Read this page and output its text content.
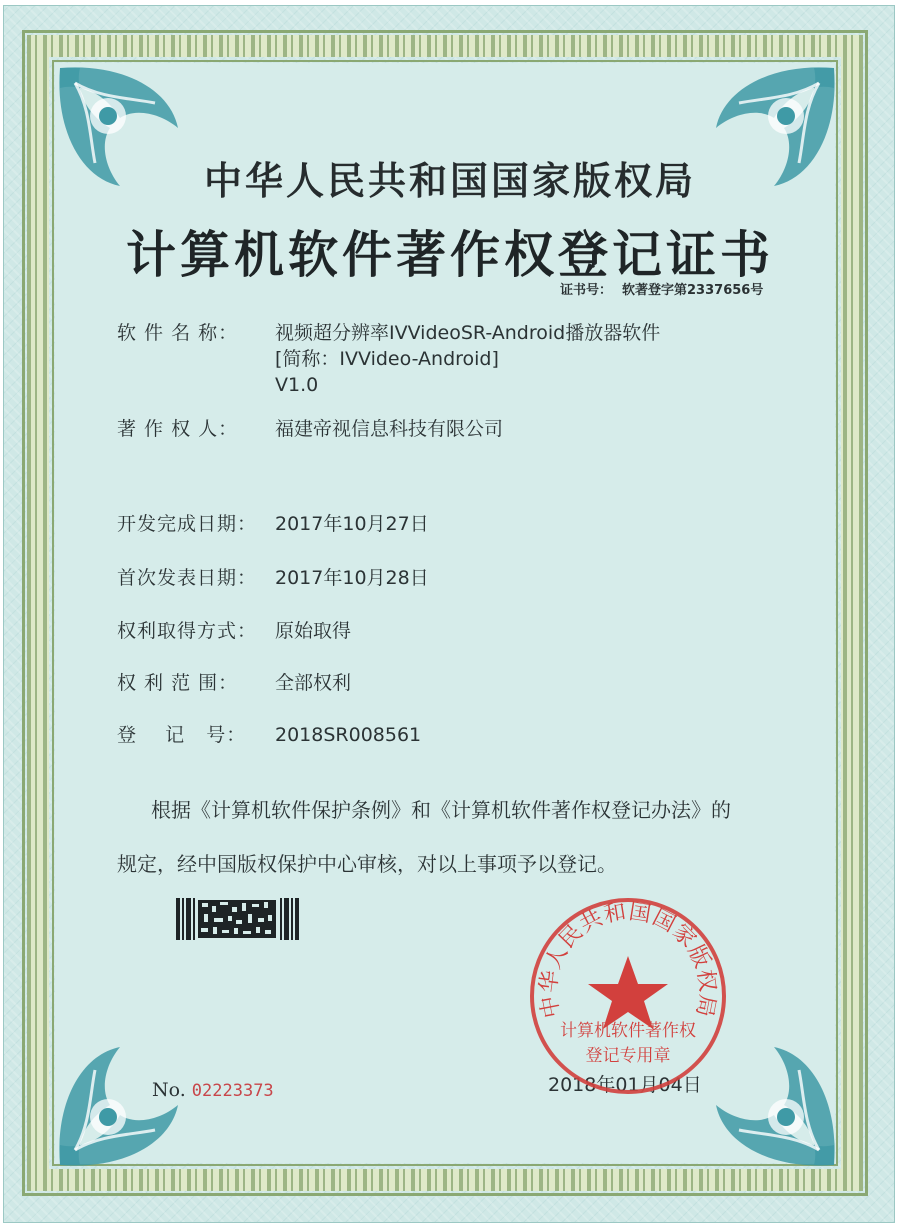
中华人民共和国国家版权局
计算机软件著作权登记证书
证书号： 软著登字第2337656号
软 件 名 称：	视频超分辨率IVVideoSR-Android播放器软件
[简称：IVVideo-Android]
V1.0
著 作 权 人：	福建帝视信息科技有限公司
开发完成日期： 2017年10月27日
首次发表日期： 2017年10月28日
权利取得方式： 原始取得
权 利 范 围：	全部权利
登    记   号：	2018SR008561
根据《计算机软件保护条例》和《计算机软件著作权登记办法》的
规定，经中国版权保护中心审核，对以上事项予以登记。
中华人民共和国国家版权局
计算机软件著作权
登记专用章
No. 02223373	2018年01月04日
